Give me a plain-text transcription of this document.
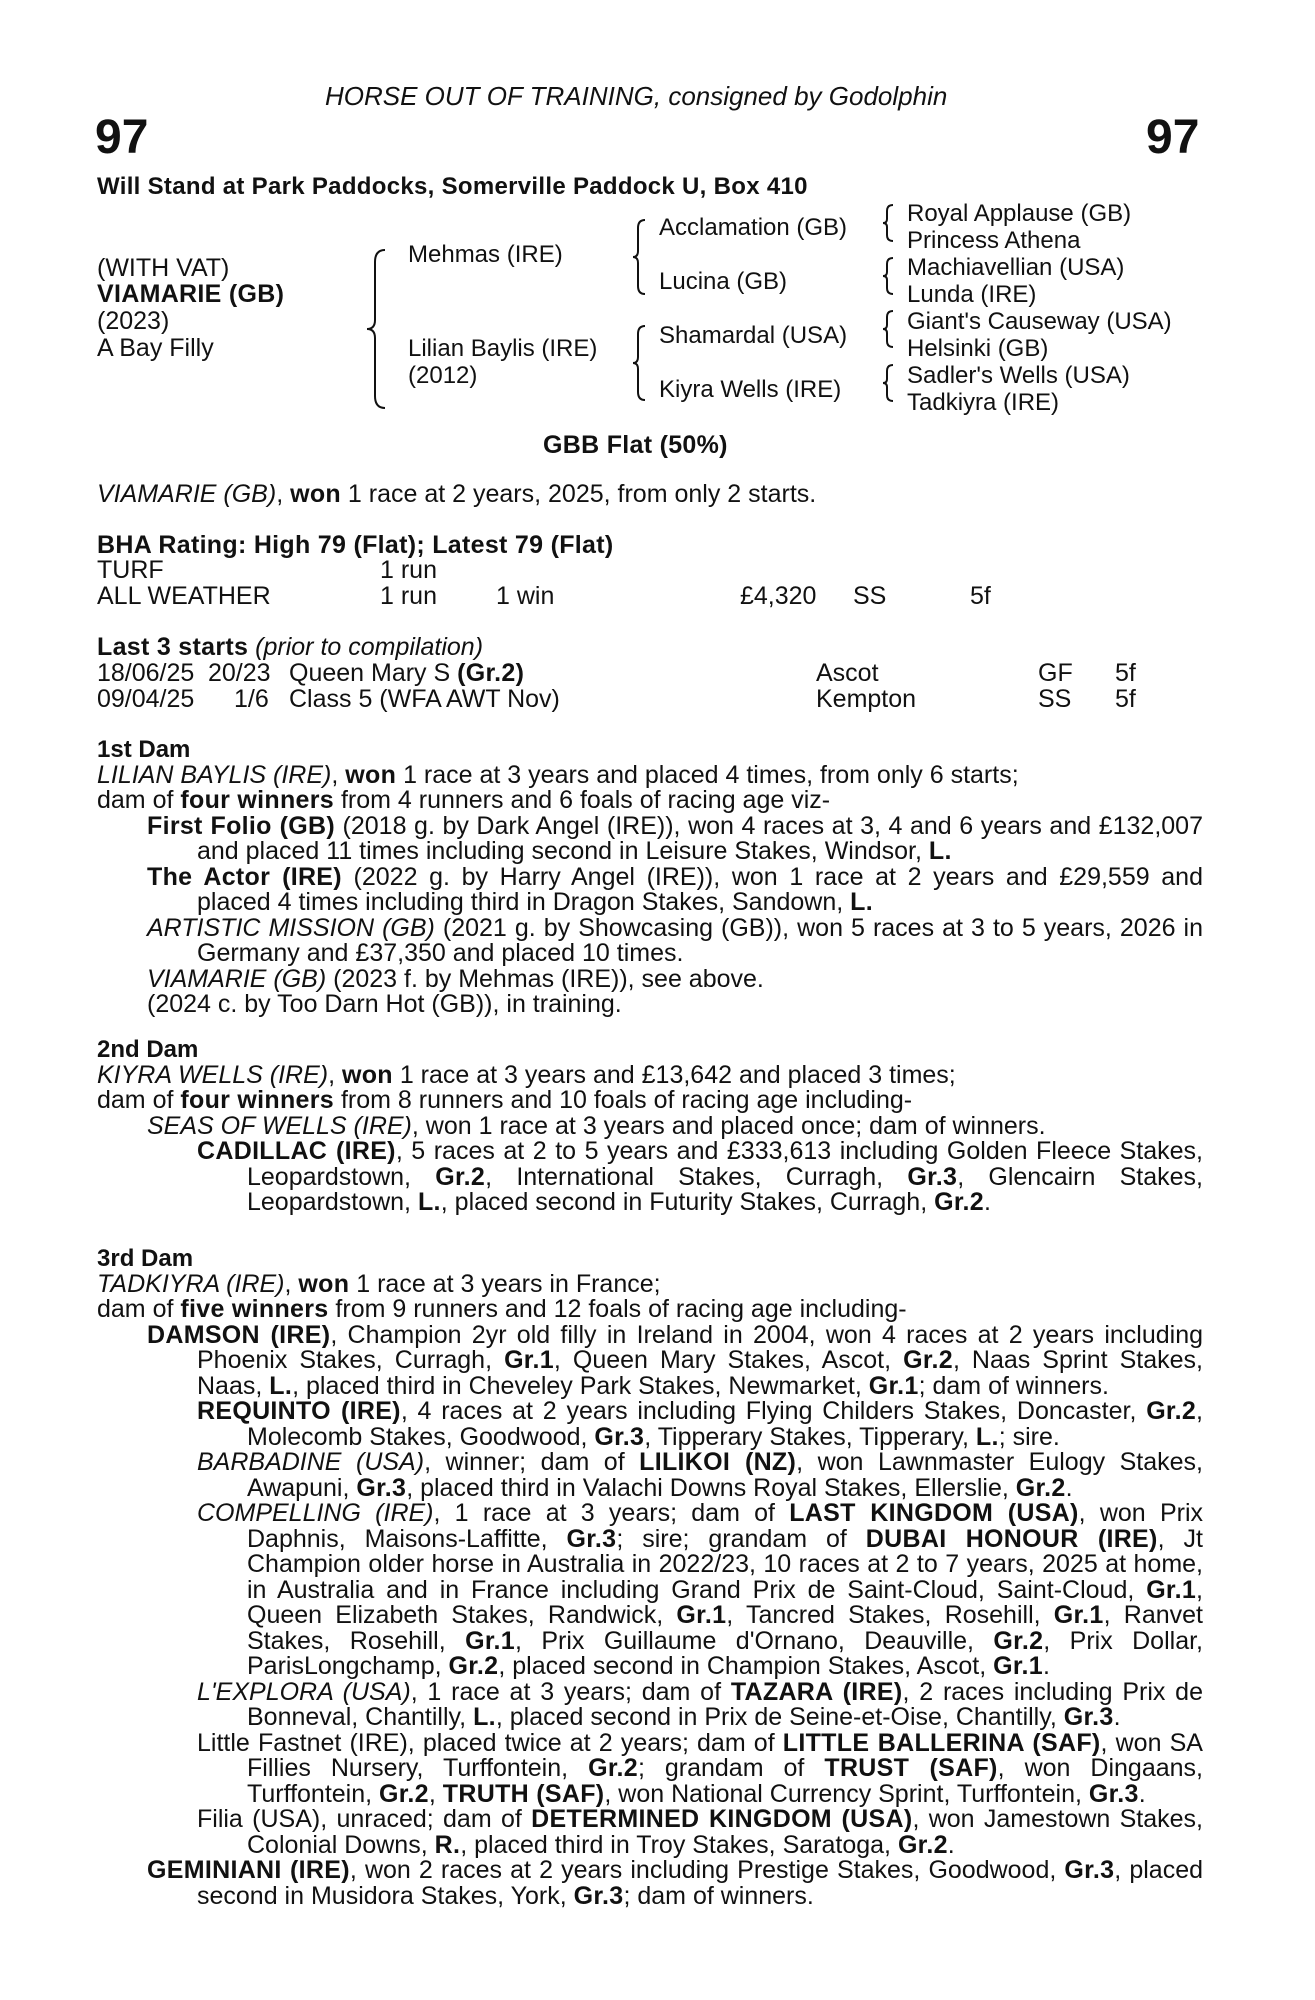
HORSE OUT OF TRAINING, consigned by Godolphin
97	97
Will Stand at Park Paddocks, Somerville Paddock U, Box 410
(WITH VAT)
VIAMARIE (GB)
(2023)
A Bay Filly
Mehmas (IRE)
Lilian Baylis (IRE)
(2012)
Acclamation (GB)
Lucina (GB)
Shamardal (USA)
Kiyra Wells (IRE)
Royal Applause (GB)
Princess Athena
Machiavellian (USA)
Lunda (IRE)
Giant's Causeway (USA)
Helsinki (GB)
Sadler's Wells (USA)
Tadkiyra (IRE)
GBB Flat (50%)
VIAMARIE (GB), won 1 race at 2 years, 2025, from only 2 starts.
BHA Rating: High 79 (Flat); Latest 79 (Flat)
TURF	1 run
ALL WEATHER	1 run 1 win	£4,320 SS	5f
Last 3 starts (prior to compilation)
18/06/25 20/23 Queen Mary S (Gr.2)	Ascot	GF 5f
09/04/25 1/6 Class 5 (WFA AWT Nov)	Kempton	SS 5f

1st Dam

LILIAN BAYLIS (IRE), won 1 race at 3 years and placed 4 times, from only 6 starts;

dam of four winners from 4 runners and 6 foals of racing age viz-

First Folio (GB) (2018 g. by Dark Angel (IRE)), won 4 races at 3, 4 and 6 years and £132,007 and placed 11 times including second in Leisure Stakes, Windsor, L.

The Actor (IRE) (2022 g. by Harry Angel (IRE)), won 1 race at 2 years and £29,559 and placed 4 times including third in Dragon Stakes, Sandown, L.

ARTISTIC MISSION (GB) (2021 g. by Showcasing (GB)), won 5 races at 3 to 5 years, 2026 in Germany and £37,350 and placed 10 times.

VIAMARIE (GB) (2023 f. by Mehmas (IRE)), see above.

(2024 c. by Too Darn Hot (GB)), in training.

2nd Dam

KIYRA WELLS (IRE), won 1 race at 3 years and £13,642 and placed 3 times;

dam of four winners from 8 runners and 10 foals of racing age including-

SEAS OF WELLS (IRE), won 1 race at 3 years and placed once; dam of winners.

CADILLAC (IRE), 5 races at 2 to 5 years and £333,613 including Golden Fleece Stakes, Leopardstown, Gr.2, International Stakes, Curragh, Gr.3, Glencairn Stakes, Leopardstown, L., placed second in Futurity Stakes, Curragh, Gr.2.

3rd Dam

TADKIYRA (IRE), won 1 race at 3 years in France;

dam of five winners from 9 runners and 12 foals of racing age including-

DAMSON (IRE), Champion 2yr old filly in Ireland in 2004, won 4 races at 2 years including Phoenix Stakes, Curragh, Gr.1, Queen Mary Stakes, Ascot, Gr.2, Naas Sprint Stakes, Naas, L., placed third in Cheveley Park Stakes, Newmarket, Gr.1; dam of winners.

REQUINTO (IRE), 4 races at 2 years including Flying Childers Stakes, Doncaster, Gr.2, Molecomb Stakes, Goodwood, Gr.3, Tipperary Stakes, Tipperary, L.; sire.

BARBADINE (USA), winner; dam of LILIKOI (NZ), won Lawnmaster Eulogy Stakes, Awapuni, Gr.3, placed third in Valachi Downs Royal Stakes, Ellerslie, Gr.2.

COMPELLING (IRE), 1 race at 3 years; dam of LAST KINGDOM (USA), won Prix Daphnis, Maisons-Laffitte, Gr.3; sire; grandam of DUBAI HONOUR (IRE), Jt Champion older horse in Australia in 2022/23, 10 races at 2 to 7 years, 2025 at home, in Australia and in France including Grand Prix de Saint-Cloud, Saint-Cloud, Gr.1, Queen Elizabeth Stakes, Randwick, Gr.1, Tancred Stakes, Rosehill, Gr.1, Ranvet Stakes, Rosehill, Gr.1, Prix Guillaume d'Ornano, Deauville, Gr.2, Prix Dollar, ParisLongchamp, Gr.2, placed second in Champion Stakes, Ascot, Gr.1.

L'EXPLORA (USA), 1 race at 3 years; dam of TAZARA (IRE), 2 races including Prix de Bonneval, Chantilly, L., placed second in Prix de Seine-et-Oise, Chantilly, Gr.3.

Little Fastnet (IRE), placed twice at 2 years; dam of LITTLE BALLERINA (SAF), won SA Fillies Nursery, Turffontein, Gr.2; grandam of TRUST (SAF), won Dingaans, Turffontein, Gr.2, TRUTH (SAF), won National Currency Sprint, Turffontein, Gr.3.

Filia (USA), unraced; dam of DETERMINED KINGDOM (USA), won Jamestown Stakes, Colonial Downs, R., placed third in Troy Stakes, Saratoga, Gr.2.

GEMINIANI (IRE), won 2 races at 2 years including Prestige Stakes, Goodwood, Gr.3, placed second in Musidora Stakes, York, Gr.3; dam of winners.
